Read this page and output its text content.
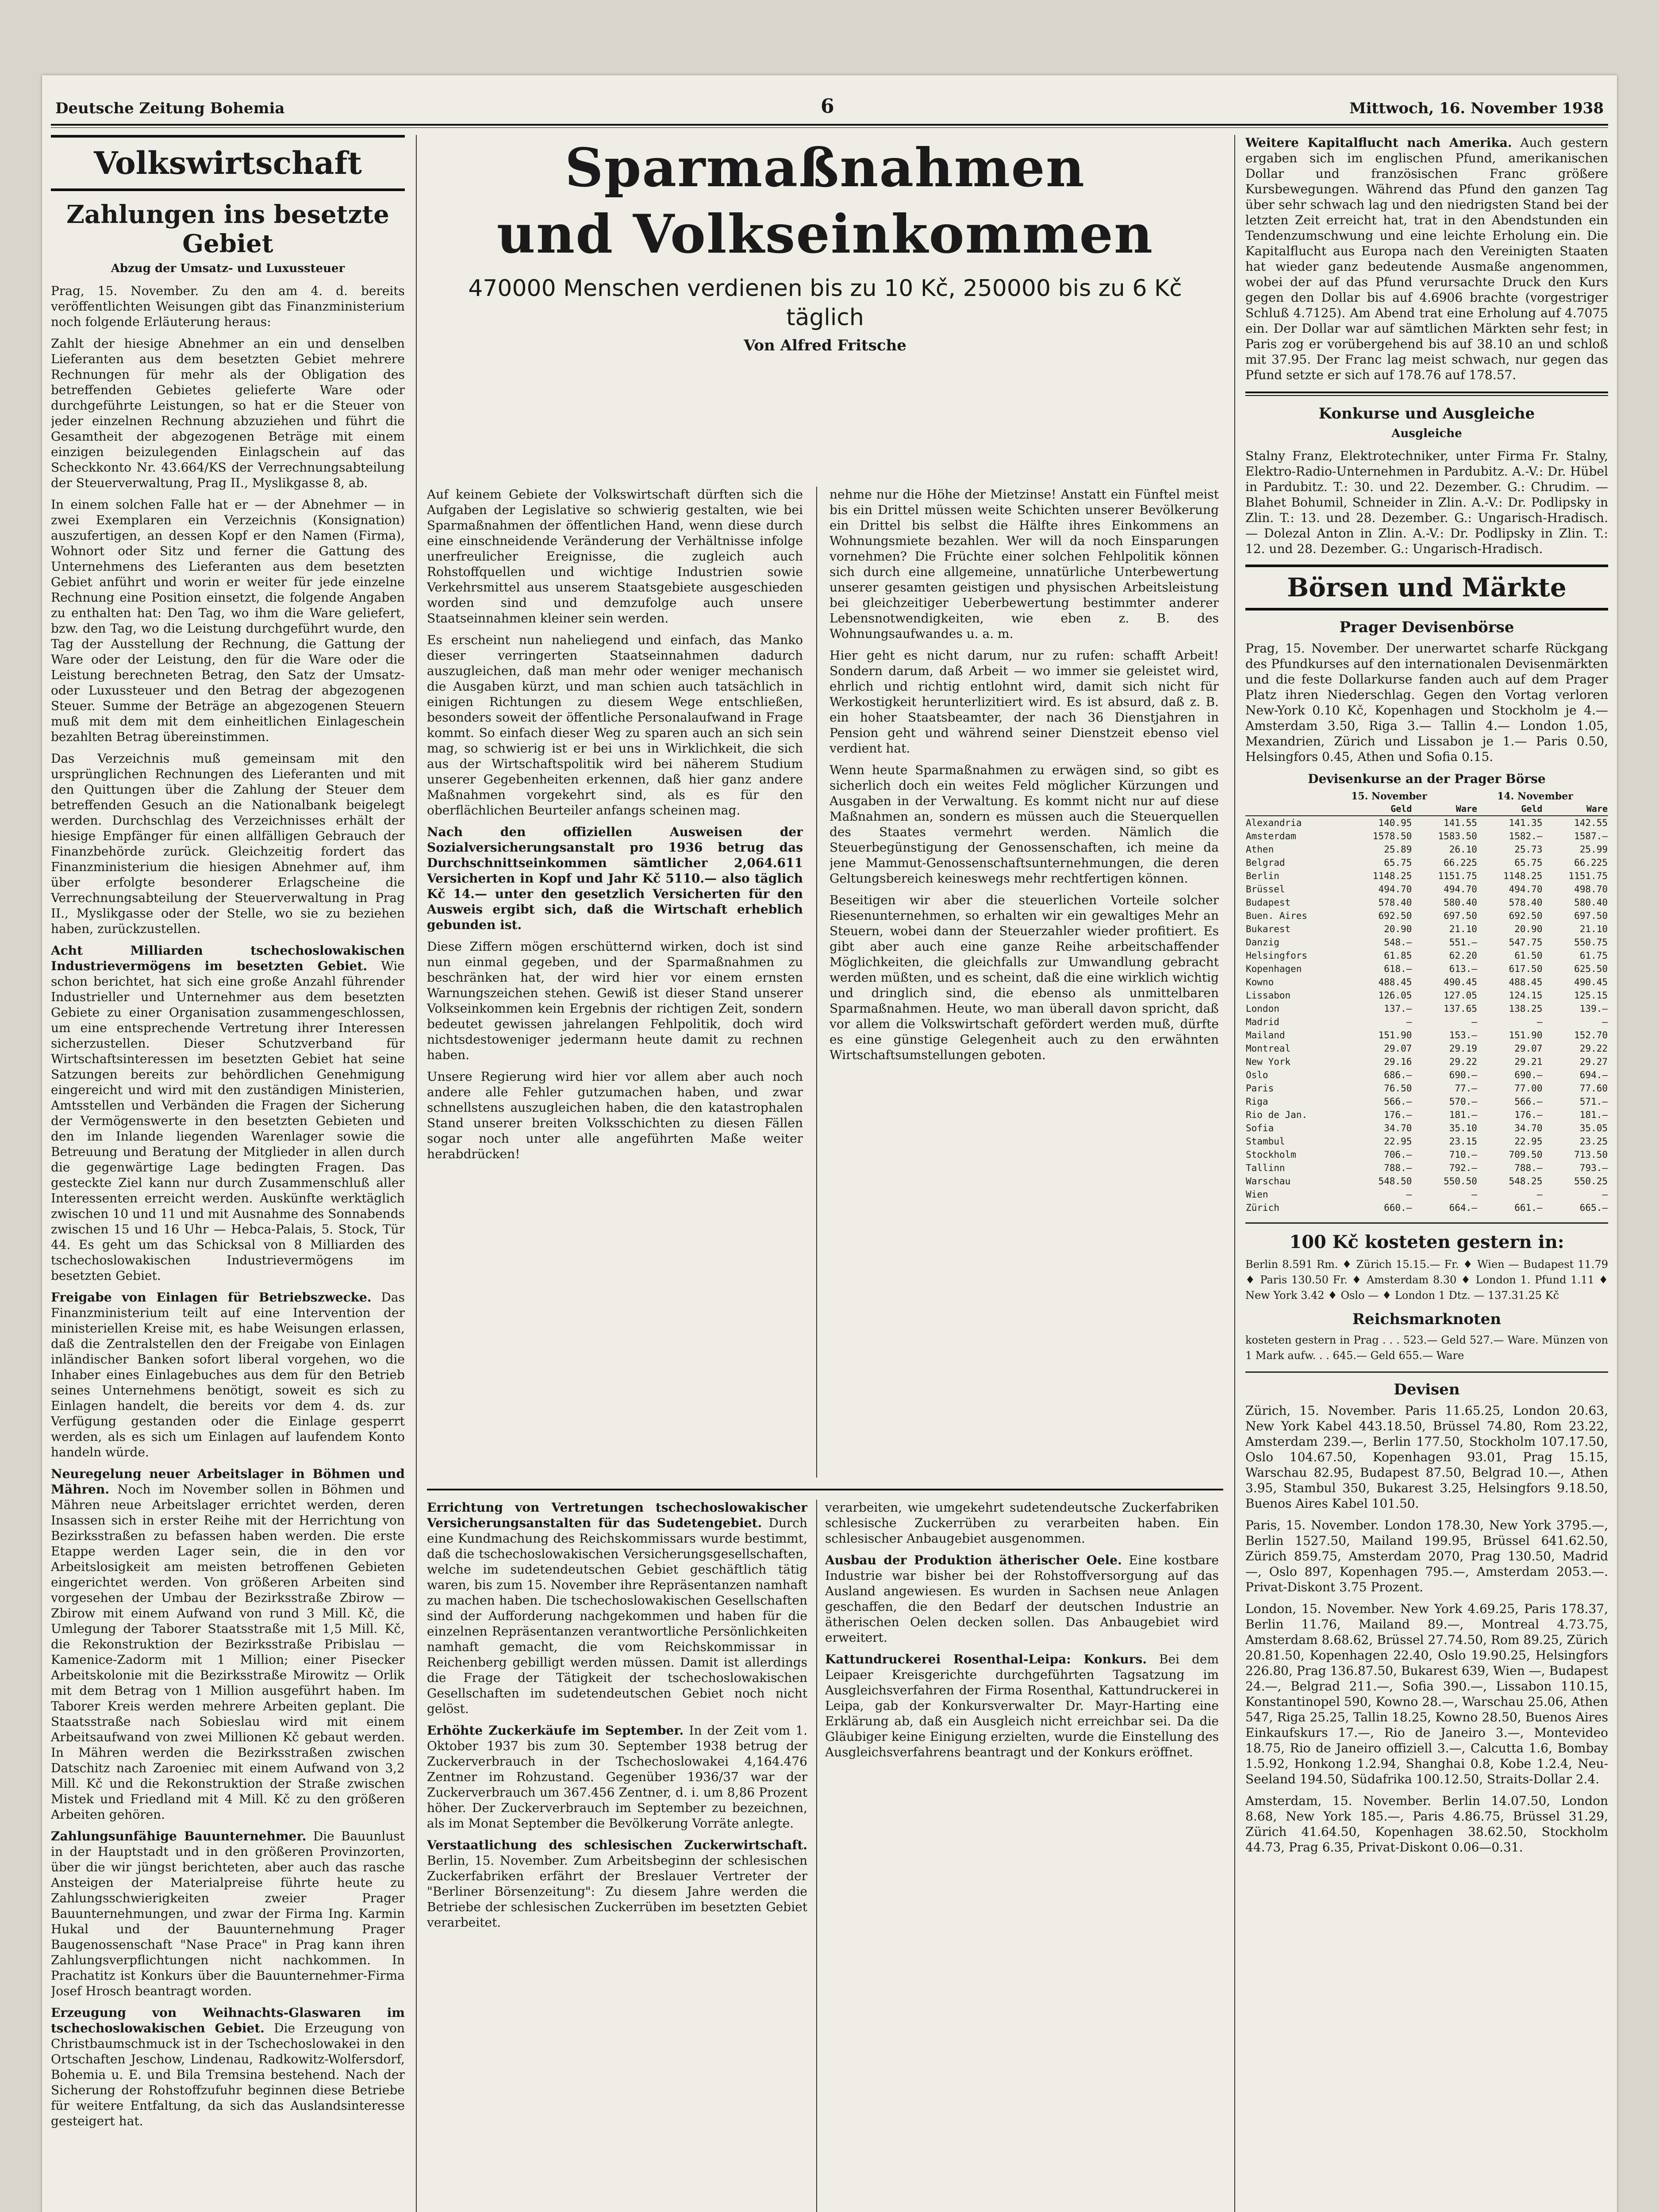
Deutsche Zeitung Bohemia	6	Mittwoch, 16. November 1938
Volkswirtschaft
Zahlungen ins besetzte Gebiet
Abzug der Umsatz- und Luxussteuer

Prag, 15. November. Zu den am 4. d. bereits veröffentlichten Weisungen gibt das Finanzministerium noch folgende Erläuterung heraus:

Zahlt der hiesige Abnehmer an ein und denselben Lieferanten aus dem besetzten Gebiet mehrere Rechnungen für mehr als der Obligation des betreffenden Gebietes gelieferte Ware oder durchgeführte Leistungen, so hat er die Steuer von jeder einzelnen Rechnung abzuziehen und führt die Gesamtheit der abgezogenen Beträge mit einem einzigen beizulegenden Einlagschein auf das Scheckkonto Nr. 43.664/KS der Verrechnungsabteilung der Steuerverwaltung, Prag II., Myslikgasse 8, ab.

In einem solchen Falle hat er — der Abnehmer — in zwei Exemplaren ein Verzeichnis (Konsignation) auszufertigen, an dessen Kopf er den Namen (Firma), Wohnort oder Sitz und ferner die Gattung des Unternehmens des Lieferanten aus dem besetzten Gebiet anführt und worin er weiter für jede einzelne Rechnung eine Position einsetzt, die folgende Angaben zu enthalten hat: Den Tag, wo ihm die Ware geliefert, bzw. den Tag, wo die Leistung durchgeführt wurde, den Tag der Ausstellung der Rechnung, die Gattung der Ware oder der Leistung, den für die Ware oder die Leistung berechneten Betrag, den Satz der Umsatz- oder Luxussteuer und den Betrag der abgezogenen Steuer. Summe der Beträge an abgezogenen Steuern muß mit dem mit dem einheitlichen Einlageschein bezahlten Betrag übereinstimmen.

Das Verzeichnis muß gemeinsam mit den ursprünglichen Rechnungen des Lieferanten und mit den Quittungen über die Zahlung der Steuer dem betreffenden Gesuch an die Nationalbank beigelegt werden. Durchschlag des Verzeichnisses erhält der hiesige Empfänger für einen allfälligen Gebrauch der Finanzbehörde zurück. Gleichzeitig fordert das Finanzministerium die hiesigen Abnehmer auf, ihm über erfolgte besonderer Erlagscheine die Verrechnungsabteilung der Steuerverwaltung in Prag II., Myslikgasse oder der Stelle, wo sie zu beziehen haben, zurückzustellen.

Acht Milliarden tschechoslowakischen Industrievermögens im besetzten Gebiet. Wie schon berichtet, hat sich eine große Anzahl führender Industrieller und Unternehmer aus dem besetzten Gebiete zu einer Organisation zusammengeschlossen, um eine entsprechende Vertretung ihrer Interessen sicherzustellen. Dieser Schutzverband für Wirtschaftsinteressen im besetzten Gebiet hat seine Satzungen bereits zur behördlichen Genehmigung eingereicht und wird mit den zuständigen Ministerien, Amtsstellen und Verbänden die Fragen der Sicherung der Vermögenswerte in den besetzten Gebieten und den im Inlande liegenden Warenlager sowie die Betreuung und Beratung der Mitglieder in allen durch die gegenwärtige Lage bedingten Fragen. Das gesteckte Ziel kann nur durch Zusammenschluß aller Interessenten erreicht werden. Auskünfte werktäglich zwischen 10 und 11 und mit Ausnahme des Sonnabends zwischen 15 und 16 Uhr — Hebca-Palais, 5. Stock, Tür 44. Es geht um das Schicksal von 8 Milliarden des tschechoslowakischen Industrievermögens im besetzten Gebiet.

Freigabe von Einlagen für Betriebszwecke. Das Finanzministerium teilt auf eine Intervention der ministeriellen Kreise mit, es habe Weisungen erlassen, daß die Zentralstellen den der Freigabe von Einlagen inländischer Banken sofort liberal vorgehen, wo die Inhaber eines Einlagebuches aus dem für den Betrieb seines Unternehmens benötigt, soweit es sich zu Einlagen handelt, die bereits vor dem 4. ds. zur Verfügung gestanden oder die Einlage gesperrt werden, als es sich um Einlagen auf laufendem Konto handeln würde.

Neuregelung neuer Arbeitslager in Böhmen und Mähren. Noch im November sollen in Böhmen und Mähren neue Arbeitslager errichtet werden, deren Insassen sich in erster Reihe mit der Herrichtung von Bezirksstraßen zu befassen haben werden. Die erste Etappe werden Lager sein, die in den vor Arbeitslosigkeit am meisten betroffenen Gebieten eingerichtet werden. Von größeren Arbeiten sind vorgesehen der Umbau der Bezirksstraße Zbirow — Zbirow mit einem Aufwand von rund 3 Mill. Kč, die Umlegung der Taborer Staatsstraße mit 1,5 Mill. Kč, die Rekonstruktion der Bezirksstraße Pribislau — Kamenice-Zadorm mit 1 Million; einer Pisecker Arbeitskolonie mit die Bezirksstraße Mirowitz — Orlik mit dem Betrag von 1 Million ausgeführt haben. Im Taborer Kreis werden mehrere Arbeiten geplant. Die Staatsstraße nach Sobieslau wird mit einem Arbeitsaufwand von zwei Millionen Kč gebaut werden. In Mähren werden die Bezirksstraßen zwischen Datschitz nach Zaroeniec mit einem Aufwand von 3,2 Mill. Kč und die Rekonstruktion der Straße zwischen Mistek und Friedland mit 4 Mill. Kč zu den größeren Arbeiten gehören.

Zahlungsunfähige Bauunternehmer. Die Bauunlust in der Hauptstadt und in den größeren Provinzorten, über die wir jüngst berichteten, aber auch das rasche Ansteigen der Materialpreise führte heute zu Zahlungsschwierigkeiten zweier Prager Bauunternehmungen, und zwar der Firma Ing. Karmin Hukal und der Bauunternehmung Prager Baugenossenschaft "Nase Prace" in Prag kann ihren Zahlungsverpflichtungen nicht nachkommen. In Prachatitz ist Konkurs über die Bauunternehmer-Firma Josef Hrosch beantragt worden.

Erzeugung von Weihnachts-Glaswaren im tschechoslowakischen Gebiet. Die Erzeugung von Christbaumschmuck ist in der Tschechoslowakei in den Ortschaften Jeschow, Lindenau, Radkowitz-Wolfersdorf, Bohemia u. E. und Bila Tremsina bestehend. Nach der Sicherung der Rohstoffzufuhr beginnen diese Betriebe für weitere Entfaltung, da sich das Auslandsinteresse gesteigert hat.

Sparmaßnahmen
und Volkseinkommen
470000 Menschen verdienen bis zu 10 Kč, 250000 bis zu 6 Kč täglich
Von Alfred Fritsche

Auf keinem Gebiete der Volkswirtschaft dürften sich die Aufgaben der Legislative so schwierig gestalten, wie bei Sparmaßnahmen der öffentlichen Hand, wenn diese durch eine einschneidende Veränderung der Verhältnisse infolge unerfreulicher Ereignisse, die zugleich auch Rohstoffquellen und wichtige Industrien sowie Verkehrsmittel aus unserem Staatsgebiete ausgeschieden worden sind und demzufolge auch unsere Staatseinnahmen kleiner sein werden.

Es erscheint nun naheliegend und einfach, das Manko dieser verringerten Staatseinnahmen dadurch auszugleichen, daß man mehr oder weniger mechanisch die Ausgaben kürzt, und man schien auch tatsächlich in einigen Richtungen zu diesem Wege entschließen, besonders soweit der öffentliche Personalaufwand in Frage kommt. So einfach dieser Weg zu sparen auch an sich sein mag, so schwierig ist er bei uns in Wirklichkeit, die sich aus der Wirtschaftspolitik wird bei näherem Studium unserer Gegebenheiten erkennen, daß hier ganz andere Maßnahmen vorgekehrt sind, als es für den oberflächlichen Beurteiler anfangs scheinen mag.

Nach den offiziellen Ausweisen der Sozialversicherungsanstalt pro 1936 betrug das Durchschnittseinkommen sämtlicher 2,064.611 Versicherten in Kopf und Jahr Kč 5110.— also täglich Kč 14.— unter den gesetzlich Versicherten für den Ausweis ergibt sich, daß die Wirtschaft erheblich gebunden ist.

Diese Ziffern mögen erschütternd wirken, doch ist sind nun einmal gegeben, und der Sparmaßnahmen zu beschränken hat, der wird hier vor einem ernsten Warnungszeichen stehen. Gewiß ist dieser Stand unserer Volkseinkommen kein Ergebnis der richtigen Zeit, sondern bedeutet gewissen jahrelangen Fehlpolitik, doch wird nichtsdestoweniger jedermann heute damit zu rechnen haben.

Unsere Regierung wird hier vor allem aber auch noch andere alle Fehler gutzumachen haben, und zwar schnellstens auszugleichen haben, die den katastrophalen Stand unserer breiten Volksschichten zu diesen Fällen sogar noch unter alle angeführten Maße weiter herabdrücken!

nehme nur die Höhe der Mietzinse! Anstatt ein Fünftel meist bis ein Drittel müssen weite Schichten unserer Bevölkerung ein Drittel bis selbst die Hälfte ihres Einkommens an Wohnungsmiete bezahlen. Wer will da noch Einsparungen vornehmen? Die Früchte einer solchen Fehlpolitik können sich durch eine allgemeine, unnatürliche Unterbewertung unserer gesamten geistigen und physischen Arbeitsleistung bei gleichzeitiger Ueberbewertung bestimmter anderer Lebensnotwendigkeiten, wie eben z. B. des Wohnungsaufwandes u. a. m.

Hier geht es nicht darum, nur zu rufen: schafft Arbeit! Sondern darum, daß Arbeit — wo immer sie geleistet wird, ehrlich und richtig entlohnt wird, damit sich nicht für Werkostigkeit herunterlizitiert wird. Es ist absurd, daß z. B. ein hoher Staatsbeamter, der nach 36 Dienstjahren in Pension geht und während seiner Dienstzeit ebenso viel verdient hat.

Wenn heute Sparmaßnahmen zu erwägen sind, so gibt es sicherlich doch ein weites Feld möglicher Kürzungen und Ausgaben in der Verwaltung. Es kommt nicht nur auf diese Maßnahmen an, sondern es müssen auch die Steuerquellen des Staates vermehrt werden. Nämlich die Steuerbegünstigung der Genossenschaften, ich meine da jene Mammut-Genossenschaftsunternehmungen, die deren Geltungsbereich keineswegs mehr rechtfertigen können.

Beseitigen wir aber die steuerlichen Vorteile solcher Riesenunternehmen, so erhalten wir ein gewaltiges Mehr an Steuern, wobei dann der Steuerzahler wieder profitiert. Es gibt aber auch eine ganze Reihe arbeitschaffender Möglichkeiten, die gleichfalls zur Umwandlung gebracht werden müßten, und es scheint, daß die eine wirklich wichtig und dringlich sind, die ebenso als unmittelbaren Sparmaßnahmen. Heute, wo man überall davon spricht, daß vor allem die Volkswirtschaft gefördert werden muß, dürfte es eine günstige Gelegenheit auch zu den erwähnten Wirtschaftsumstellungen geboten.

Errichtung von Vertretungen tschechoslowakischer Versicherungsanstalten für das Sudetengebiet. Durch eine Kundmachung des Reichskommissars wurde bestimmt, daß die tschechoslowakischen Versicherungsgesellschaften, welche im sudetendeutschen Gebiet geschäftlich tätig waren, bis zum 15. November ihre Repräsentanzen namhaft zu machen haben. Die tschechoslowakischen Gesellschaften sind der Aufforderung nachgekommen und haben für die einzelnen Repräsentanzen verantwortliche Persönlichkeiten namhaft gemacht, die vom Reichskommissar in Reichenberg gebilligt werden müssen. Damit ist allerdings die Frage der Tätigkeit der tschechoslowakischen Gesellschaften im sudetendeutschen Gebiet noch nicht gelöst.

Erhöhte Zuckerkäufe im September. In der Zeit vom 1. Oktober 1937 bis zum 30. September 1938 betrug der Zuckerverbrauch in der Tschechoslowakei 4,164.476 Zentner im Rohzustand. Gegenüber 1936/37 war der Zuckerverbrauch um 367.456 Zentner, d. i. um 8,86 Prozent höher. Der Zuckerverbrauch im September zu bezeichnen, als im Monat September die Bevölkerung Vorräte anlegte.

Verstaatlichung des schlesischen Zuckerwirtschaft. Berlin, 15. November. Zum Arbeitsbeginn der schlesischen Zuckerfabriken erfährt der Breslauer Vertreter der "Berliner Börsenzeitung": Zu diesem Jahre werden die Betriebe der schlesischen Zuckerrüben im besetzten Gebiet verarbeitet.

verarbeiten, wie umgekehrt sudetendeutsche Zuckerfabriken schlesische Zuckerrüben zu verarbeiten haben. Ein schlesischer Anbaugebiet ausgenommen.

Ausbau der Produktion ätherischer Oele. Eine kostbare Industrie war bisher bei der Rohstoffversorgung auf das Ausland angewiesen. Es wurden in Sachsen neue Anlagen geschaffen, die den Bedarf der deutschen Industrie an ätherischen Oelen decken sollen. Das Anbaugebiet wird erweitert.

Kattundruckerei Rosenthal-Leipa: Konkurs. Bei dem Leipaer Kreisgerichte durchgeführten Tagsatzung im Ausgleichsverfahren der Firma Rosenthal, Kattundruckerei in Leipa, gab der Konkursverwalter Dr. Mayr-Harting eine Erklärung ab, daß ein Ausgleich nicht erreichbar sei. Da die Gläubiger keine Einigung erzielten, wurde die Einstellung des Ausgleichsverfahrens beantragt und der Konkurs eröffnet.

Weitere Kapitalflucht nach Amerika. Auch gestern ergaben sich im englischen Pfund, amerikanischen Dollar und französischen Franc größere Kursbewegungen. Während das Pfund den ganzen Tag über sehr schwach lag und den niedrigsten Stand bei der letzten Zeit erreicht hat, trat in den Abendstunden ein Tendenzumschwung und eine leichte Erholung ein. Die Kapitalflucht aus Europa nach den Vereinigten Staaten hat wieder ganz bedeutende Ausmaße angenommen, wobei der auf das Pfund verursachte Druck den Kurs gegen den Dollar bis auf 4.6906 brachte (vorgestriger Schluß 4.7125). Am Abend trat eine Erholung auf 4.7075 ein. Der Dollar war auf sämtlichen Märkten sehr fest; in Paris zog er vorübergehend bis auf 38.10 an und schloß mit 37.95. Der Franc lag meist schwach, nur gegen das Pfund setzte er sich auf 178.76 auf 178.57.

Konkurse und Ausgleiche
Ausgleiche

Stalny Franz, Elektrotechniker, unter Firma Fr. Stalny, Elektro-Radio-Unternehmen in Pardubitz. A.-V.: Dr. Hübel in Pardubitz. T.: 30. und 22. Dezember. G.: Chrudim. — Blahet Bohumil, Schneider in Zlin. A.-V.: Dr. Podlipsky in Zlin. T.: 13. und 28. Dezember. G.: Ungarisch-Hradisch. — Dolezal Anton in Zlin. A.-V.: Dr. Podlipsky in Zlin. T.: 12. und 28. Dezember. G.: Ungarisch-Hradisch.

Börsen und Märkte
Prager Devisenbörse

Prag, 15. November. Der unerwartet scharfe Rückgang des Pfundkurses auf den internationalen Devisenmärkten und die feste Dollarkurse fanden auch auf dem Prager Platz ihren Niederschlag. Gegen den Vortag verloren New-York 0.10 Kč, Kopenhagen und Stockholm je 4.— Amsterdam 3.50, Riga 3.— Tallin 4.— London 1.05, Mexandrien, Zürich und Lissabon je 1.— Paris 0.50, Helsingfors 0.45, Athen und Sofia 0.15.

Devisenkurse an der Prager Börse
15. November	14. November
	Geld	Ware	Geld	Ware
Alexandria	140.95	141.55	141.35	142.55
Amsterdam	1578.50	1583.50	1582.—	1587.—
Athen	25.89	26.10	25.73	25.99
Belgrad	65.75	66.225	65.75	66.225
Berlin	1148.25	1151.75	1148.25	1151.75
Brüssel	494.70	494.70	494.70	498.70
Budapest	578.40	580.40	578.40	580.40
Buen. Aires	692.50	697.50	692.50	697.50
Bukarest	20.90	21.10	20.90	21.10
Danzig	548.—	551.—	547.75	550.75
Helsingfors	61.85	62.20	61.50	61.75
Kopenhagen	618.—	613.—	617.50	625.50
Kowno	488.45	490.45	488.45	490.45
Lissabon	126.05	127.05	124.15	125.15
London	137.—	137.65	138.25	139.—
Madrid	—	—	—	—
Mailand	151.90	153.—	151.90	152.70
Montreal	29.07	29.19	29.07	29.22
New York	29.16	29.22	29.21	29.27
Oslo	686.—	690.—	690.—	694.—
Paris	76.50	77.—	77.00	77.60
Riga	566.—	570.—	566.—	571.—
Rio de Jan.	176.—	181.—	176.—	181.—
Sofia	34.70	35.10	34.70	35.05
Stambul	22.95	23.15	22.95	23.25
Stockholm	706.—	710.—	709.50	713.50
Tallinn	788.—	792.—	788.—	793.—
Warschau	548.50	550.50	548.25	550.25
Wien	—	—	—	—
Zürich	660.—	664.—	661.—	665.—
100 Kč kosteten gestern in:

Berlin 8.591 Rm. ♦ Zürich 15.15.— Fr. ♦ Wien — Budapest 11.79 ♦ Paris 130.50 Fr. ♦ Amsterdam 8.30 ♦ London 1. Pfund 1.11 ♦ New York 3.42 ♦ Oslo — ♦ London 1 Dtz. — 137.31.25 Kč

Reichsmarknoten

kosteten gestern in Prag . . . 523.— Geld 527.— Ware. Münzen von 1 Mark aufw. . . 645.— Geld 655.— Ware

Devisen

Zürich, 15. November. Paris 11.65.25, London 20.63, New York Kabel 443.18.50, Brüssel 74.80, Rom 23.22, Amsterdam 239.—, Berlin 177.50, Stockholm 107.17.50, Oslo 104.67.50, Kopenhagen 93.01, Prag 15.15, Warschau 82.95, Budapest 87.50, Belgrad 10.—, Athen 3.95, Stambul 350, Bukarest 3.25, Helsingfors 9.18.50, Buenos Aires Kabel 101.50.

Paris, 15. November. London 178.30, New York 3795.—, Berlin 1527.50, Mailand 199.95, Brüssel 641.62.50, Zürich 859.75, Amsterdam 2070, Prag 130.50, Madrid —, Oslo 897, Kopenhagen 795.—, Amsterdam 2053.—. Privat-Diskont 3.75 Prozent.

London, 15. November. New York 4.69.25, Paris 178.37, Berlin 11.76, Mailand 89.—, Montreal 4.73.75, Amsterdam 8.68.62, Brüssel 27.74.50, Rom 89.25, Zürich 20.81.50, Kopenhagen 22.40, Oslo 19.90.25, Helsingfors 226.80, Prag 136.87.50, Bukarest 639, Wien —, Budapest 24.—, Belgrad 211.—, Sofia 390.—, Lissabon 110.15, Konstantinopel 590, Kowno 28.—, Warschau 25.06, Athen 547, Riga 25.25, Tallin 18.25, Kowno 28.50, Buenos Aires Einkaufskurs 17.—, Rio de Janeiro 3.—, Montevideo 18.75, Rio de Janeiro offiziell 3.—, Calcutta 1.6, Bombay 1.5.92, Honkong 1.2.94, Shanghai 0.8, Kobe 1.2.4, Neu-Seeland 194.50, Südafrika 100.12.50, Straits-Dollar 2.4.

Amsterdam, 15. November. Berlin 14.07.50, London 8.68, New York 185.—, Paris 4.86.75, Brüssel 31.29, Zürich 41.64.50, Kopenhagen 38.62.50, Stockholm 44.73, Prag 6.35, Privat-Diskont 0.06—0.31.
